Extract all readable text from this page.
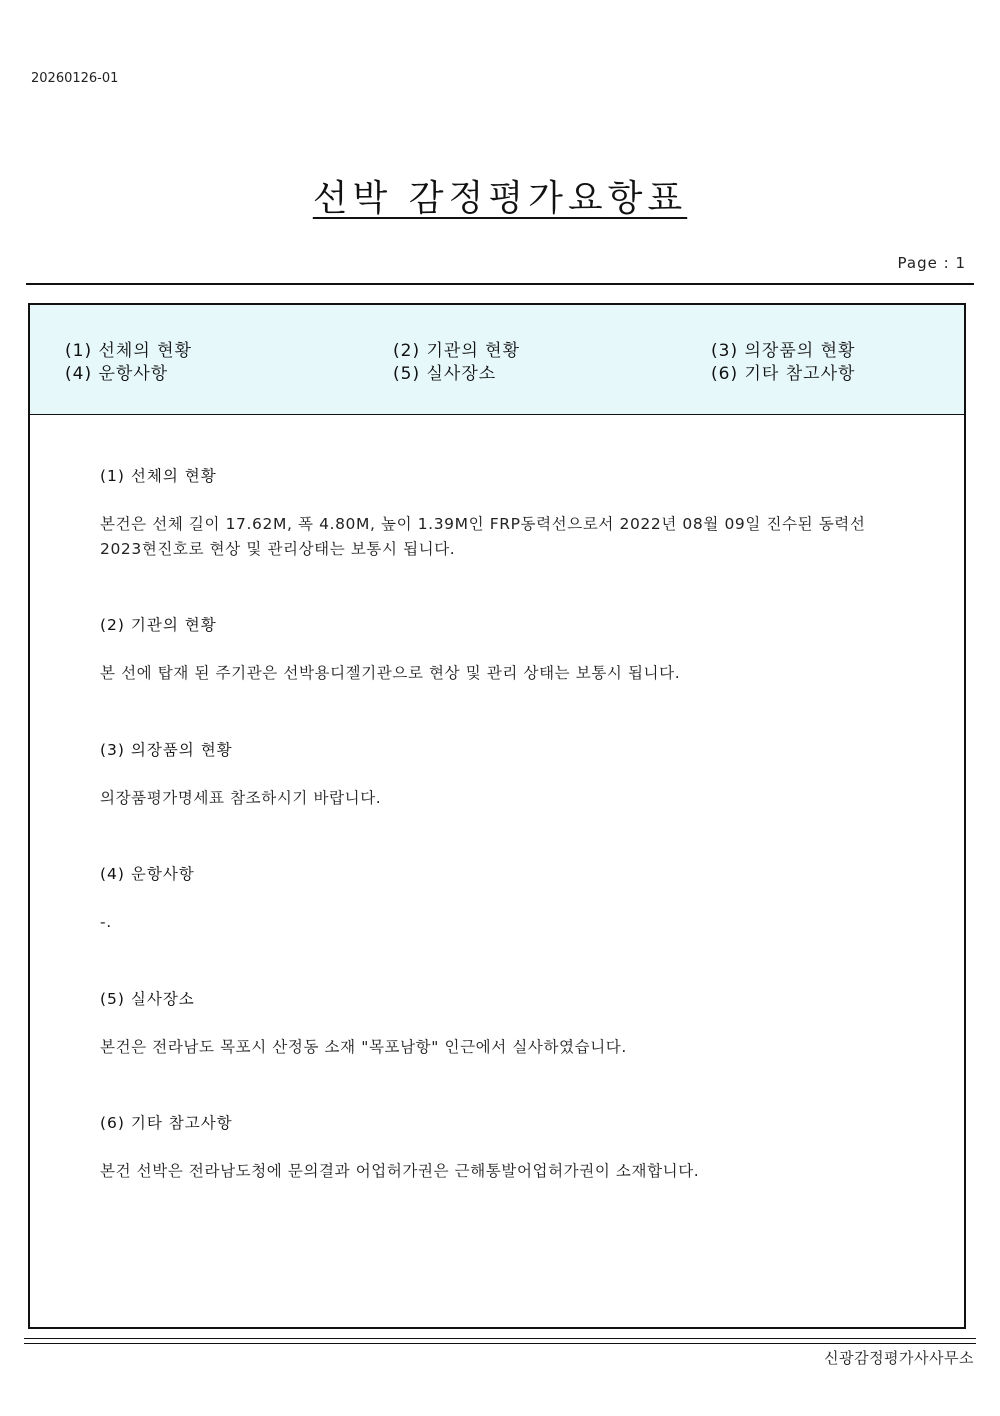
20260126-01
선박 감정평가요항표
Page : 1
(1) 선체의 현황	(2) 기관의 현황	(3) 의장품의 현황
(4) 운항사항	(5) 실사장소	(6) 기타 참고사항
(1) 선체의 현황
본건은 선체 길이 17.62M, 폭 4.80M, 높이 1.39M인 FRP동력선으로서 2022년 08월 09일 진수된 동력선 2023현진호로 현상 및 관리상태는 보통시 됩니다.
(2) 기관의 현황
본 선에 탑재 된 주기관은 선박용디젤기관으로 현상 및 관리 상태는 보통시 됩니다.
(3) 의장품의 현황
의장품평가명세표 참조하시기 바랍니다.
(4) 운항사항
-.
(5) 실사장소
본건은 전라남도 목포시 산정동 소재 "목포남항" 인근에서 실사하였습니다.
(6) 기타 참고사항
본건 선박은 전라남도청에 문의결과 어업허가권은 근해통발어업허가권이 소재합니다.
신광감정평가사사무소
